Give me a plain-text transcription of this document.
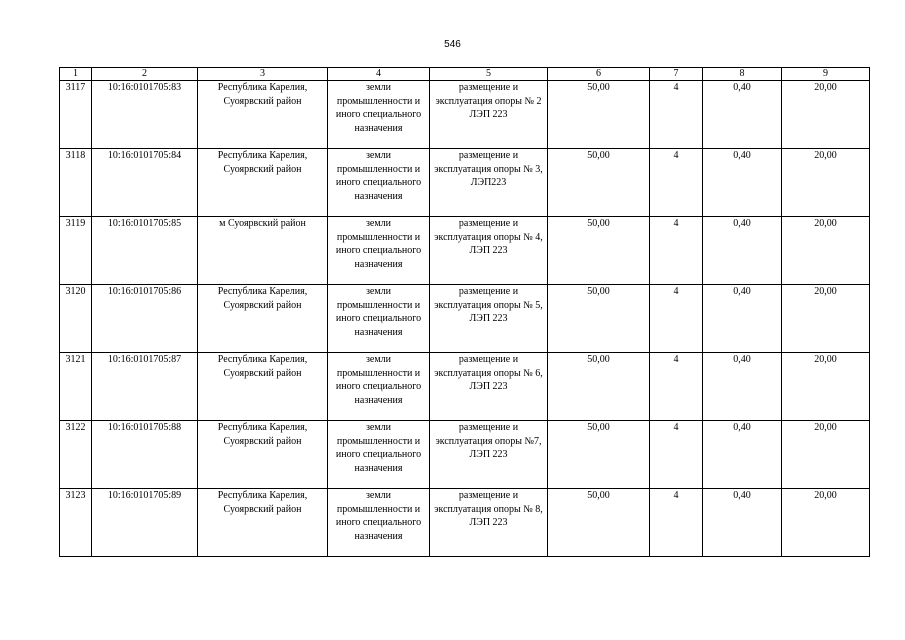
546
1	2	3	4	5	6	7	8	9
3117	10:16:0101705:83	Республика Карелия, Суоярвский район	земли промышленности и иного специального назначения	размещение и эксплуатация опоры № 2 ЛЭП 223	50,00	4	0,40	20,00
3118	10:16:0101705:84	Республика Карелия, Суоярвский район	земли промышленности и иного специального назначения	размещение и эксплуатация опоры № 3, ЛЭП223	50,00	4	0,40	20,00
3119	10:16:0101705:85	м Суоярвский район	земли промышленности и иного специального назначения	размещение и эксплуатация опоры № 4, ЛЭП 223	50,00	4	0,40	20,00
3120	10:16:0101705:86	Республика Карелия, Суоярвский район	земли промышленности и иного специального назначения	размещение и эксплуатация опоры № 5, ЛЭП 223	50,00	4	0,40	20,00
3121	10:16:0101705:87	Республика Карелия, Суоярвский район	земли промышленности и иного специального назначения	размещение и эксплуатация опоры № 6, ЛЭП 223	50,00	4	0,40	20,00
3122	10:16:0101705:88	Республика Карелия, Суоярвский район	земли промышленности и иного специального назначения	размещение и эксплуатация опоры №7, ЛЭП 223	50,00	4	0,40	20,00
3123	10:16:0101705:89	Республика Карелия, Суоярвский район	земли промышленности и иного специального назначения	размещение и эксплуатация опоры № 8, ЛЭП 223	50,00	4	0,40	20,00
